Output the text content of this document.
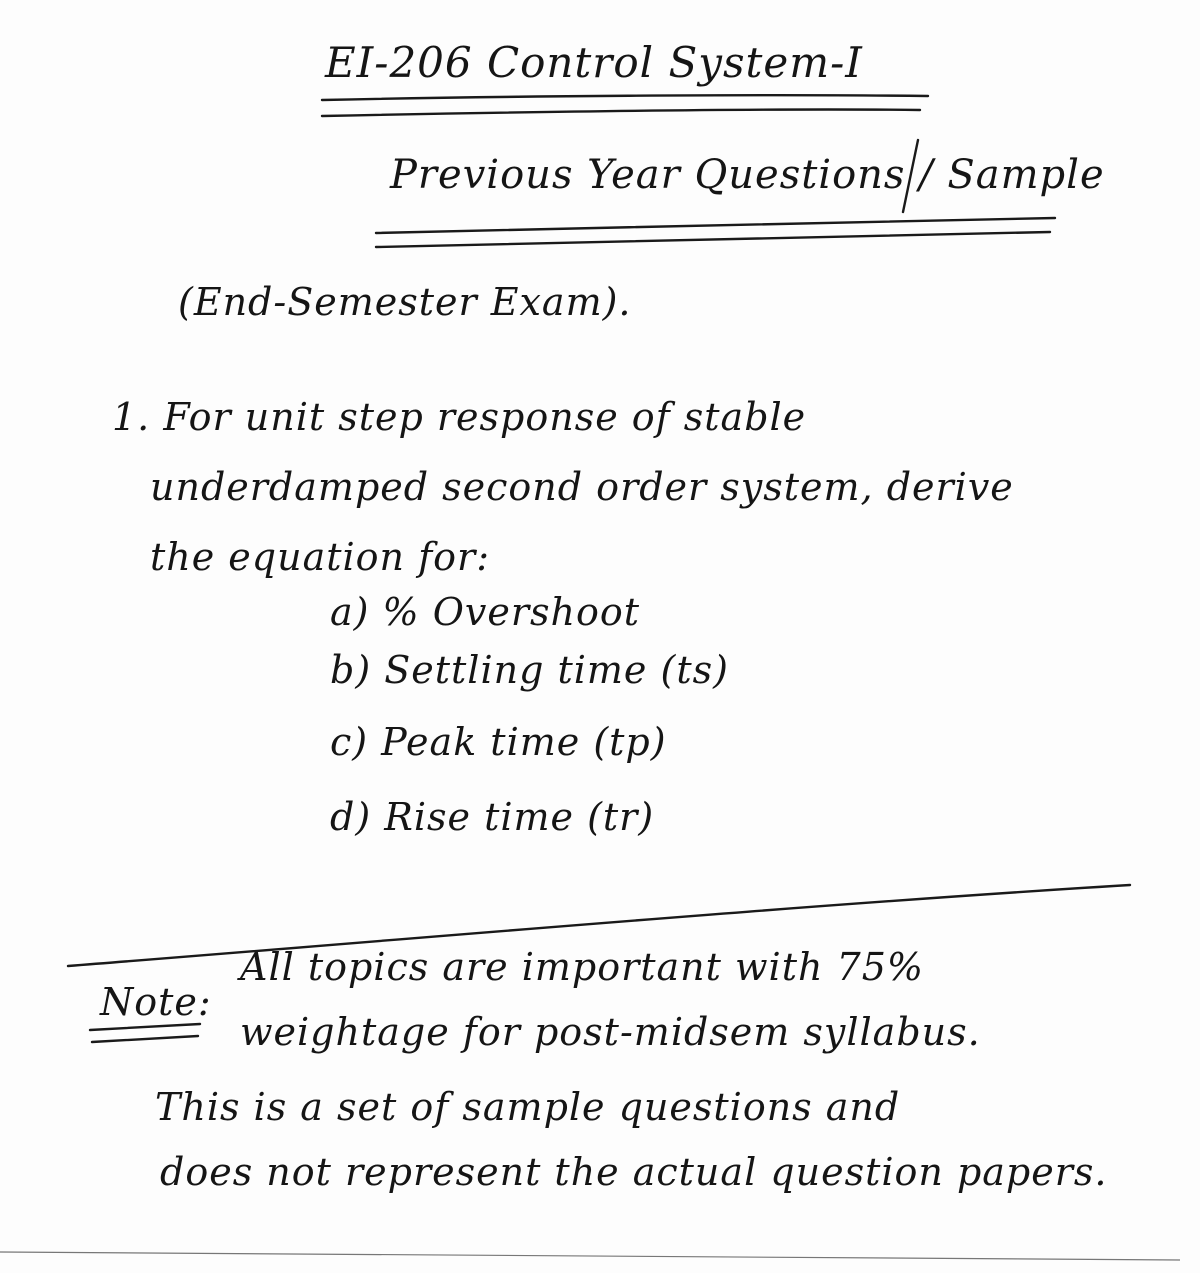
EI-206 Control System-I
Previous Year Questions / Sample
(End-Semester Exam).
1. For unit step response of stable
underdamped second order system, derive
the equation for:
a) % Overshoot
b) Settling time (ts)
c) Peak time (tp)
d) Rise time (tr)
Note:
All topics are important with 75%
weightage for post-midsem syllabus.
This is a set of sample questions and
does not represent the actual question papers.
